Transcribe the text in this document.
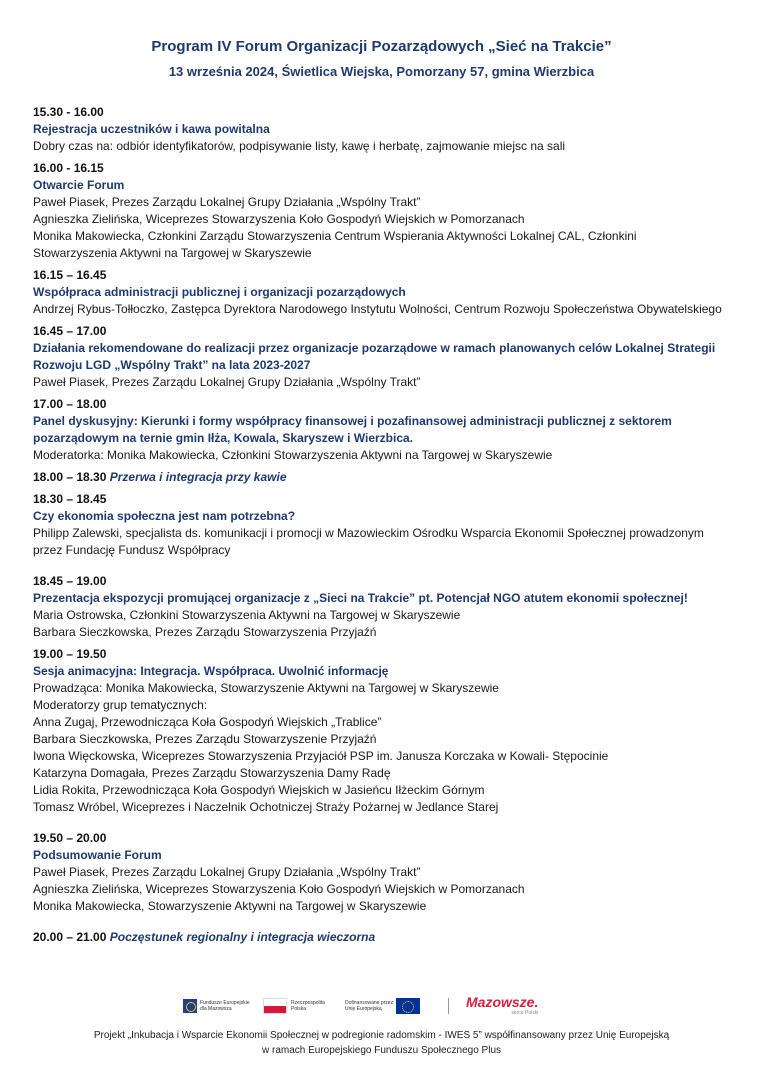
Program IV Forum Organizacji Pozarządowych „Sieć na Trakcie”
13 września 2024, Świetlica Wiejska, Pomorzany 57, gmina Wierzbica
15.30 - 16.00
Rejestracja uczestników i kawa powitalna
Dobry czas na: odbiór identyfikatorów, podpisywanie listy, kawę i herbatę, zajmowanie miejsc na sali
16.00 - 16.15
Otwarcie Forum
Paweł Piasek, Prezes Zarządu Lokalnej Grupy Działania „Wspólny Trakt”
Agnieszka Zielińska, Wiceprezes Stowarzyszenia Koło Gospodyń Wiejskich w Pomorzanach
Monika Makowiecka, Członkini Zarządu Stowarzyszenia Centrum Wspierania Aktywności Lokalnej CAL, Członkini
Stowarzyszenia Aktywni na Targowej w Skaryszewie
16.15 – 16.45
Współpraca administracji publicznej i organizacji pozarządowych
Andrzej Rybus-Tołłoczko, Zastępca Dyrektora Narodowego Instytutu Wolności, Centrum Rozwoju Społeczeństwa Obywatelskiego
16.45 – 17.00
Działania rekomendowane do realizacji przez organizacje pozarządowe w ramach planowanych celów Lokalnej Strategii
Rozwoju LGD „Wspólny Trakt” na lata 2023-2027
Paweł Piasek, Prezes Zarządu Lokalnej Grupy Działania „Wspólny Trakt”
17.00 – 18.00
Panel dyskusyjny: Kierunki i formy współpracy finansowej i pozafinansowej administracji publicznej z sektorem
pozarządowym na ternie gmin Iłża, Kowala, Skaryszew i Wierzbica.
Moderatorka: Monika Makowiecka, Członkini Stowarzyszenia Aktywni na Targowej w Skaryszewie
18.00 – 18.30 Przerwa i integracja przy kawie
18.30 – 18.45
Czy ekonomia społeczna jest nam potrzebna?
Philipp Zalewski, specjalista ds. komunikacji i promocji w Mazowieckim Ośrodku Wsparcia Ekonomii Społecznej prowadzonym
przez Fundację Fundusz Współpracy
18.45 – 19.00
Prezentacja ekspozycji promującej organizacje z „Sieci na Trakcie” pt. Potencjał NGO atutem ekonomii społecznej!
Maria Ostrowska, Członkini Stowarzyszenia Aktywni na Targowej w Skaryszewie
Barbara Sieczkowska, Prezes Zarządu Stowarzyszenia Przyjaźń
19.00 – 19.50
Sesja animacyjna: Integracja. Współpraca. Uwolnić informację
Prowadząca: Monika Makowiecka, Stowarzyszenie Aktywni na Targowej w Skaryszewie
Moderatorzy grup tematycznych:
Anna Zugaj, Przewodnicząca Koła Gospodyń Wiejskich „Trablice”
Barbara Sieczkowska, Prezes Zarządu Stowarzyszenie Przyjaźń
Iwona Więckowska, Wiceprezes Stowarzyszenia Przyjaciół PSP im. Janusza Korczaka w Kowali- Stępocinie
Katarzyna Domagała, Prezes Zarządu Stowarzyszenia Damy Radę
Lidia Rokita, Przewodnicząca Koła Gospodyń Wiejskich w Jasieńcu Iłżeckim Górnym
Tomasz Wróbel, Wiceprezes i Naczelnik Ochotniczej Straży Pożarnej w Jedlance Starej
19.50 – 20.00
Podsumowanie Forum
Paweł Piasek, Prezes Zarządu Lokalnej Grupy Działania „Wspólny Trakt”
Agnieszka Zielińska, Wiceprezes Stowarzyszenia Koło Gospodyń Wiejskich w Pomorzanach
Monika Makowiecka, Stowarzyszenie Aktywni na Targowej w Skaryszewie
20.00 – 21.00 Poczęstunek regionalny i integracja wieczorna
Fundusze Europejskie
dla Mazowsza
Rzeczpospolita
Polska
Dofinansowane przez
Unię Europejską	Mazowsze.
serce Polski
Projekt „Inkubacja i Wsparcie Ekonomii Społecznej w podregionie radomskim - IWES 5” współfinansowany przez Unię Europejską
w ramach Europejskiego Funduszu Społecznego Plus
